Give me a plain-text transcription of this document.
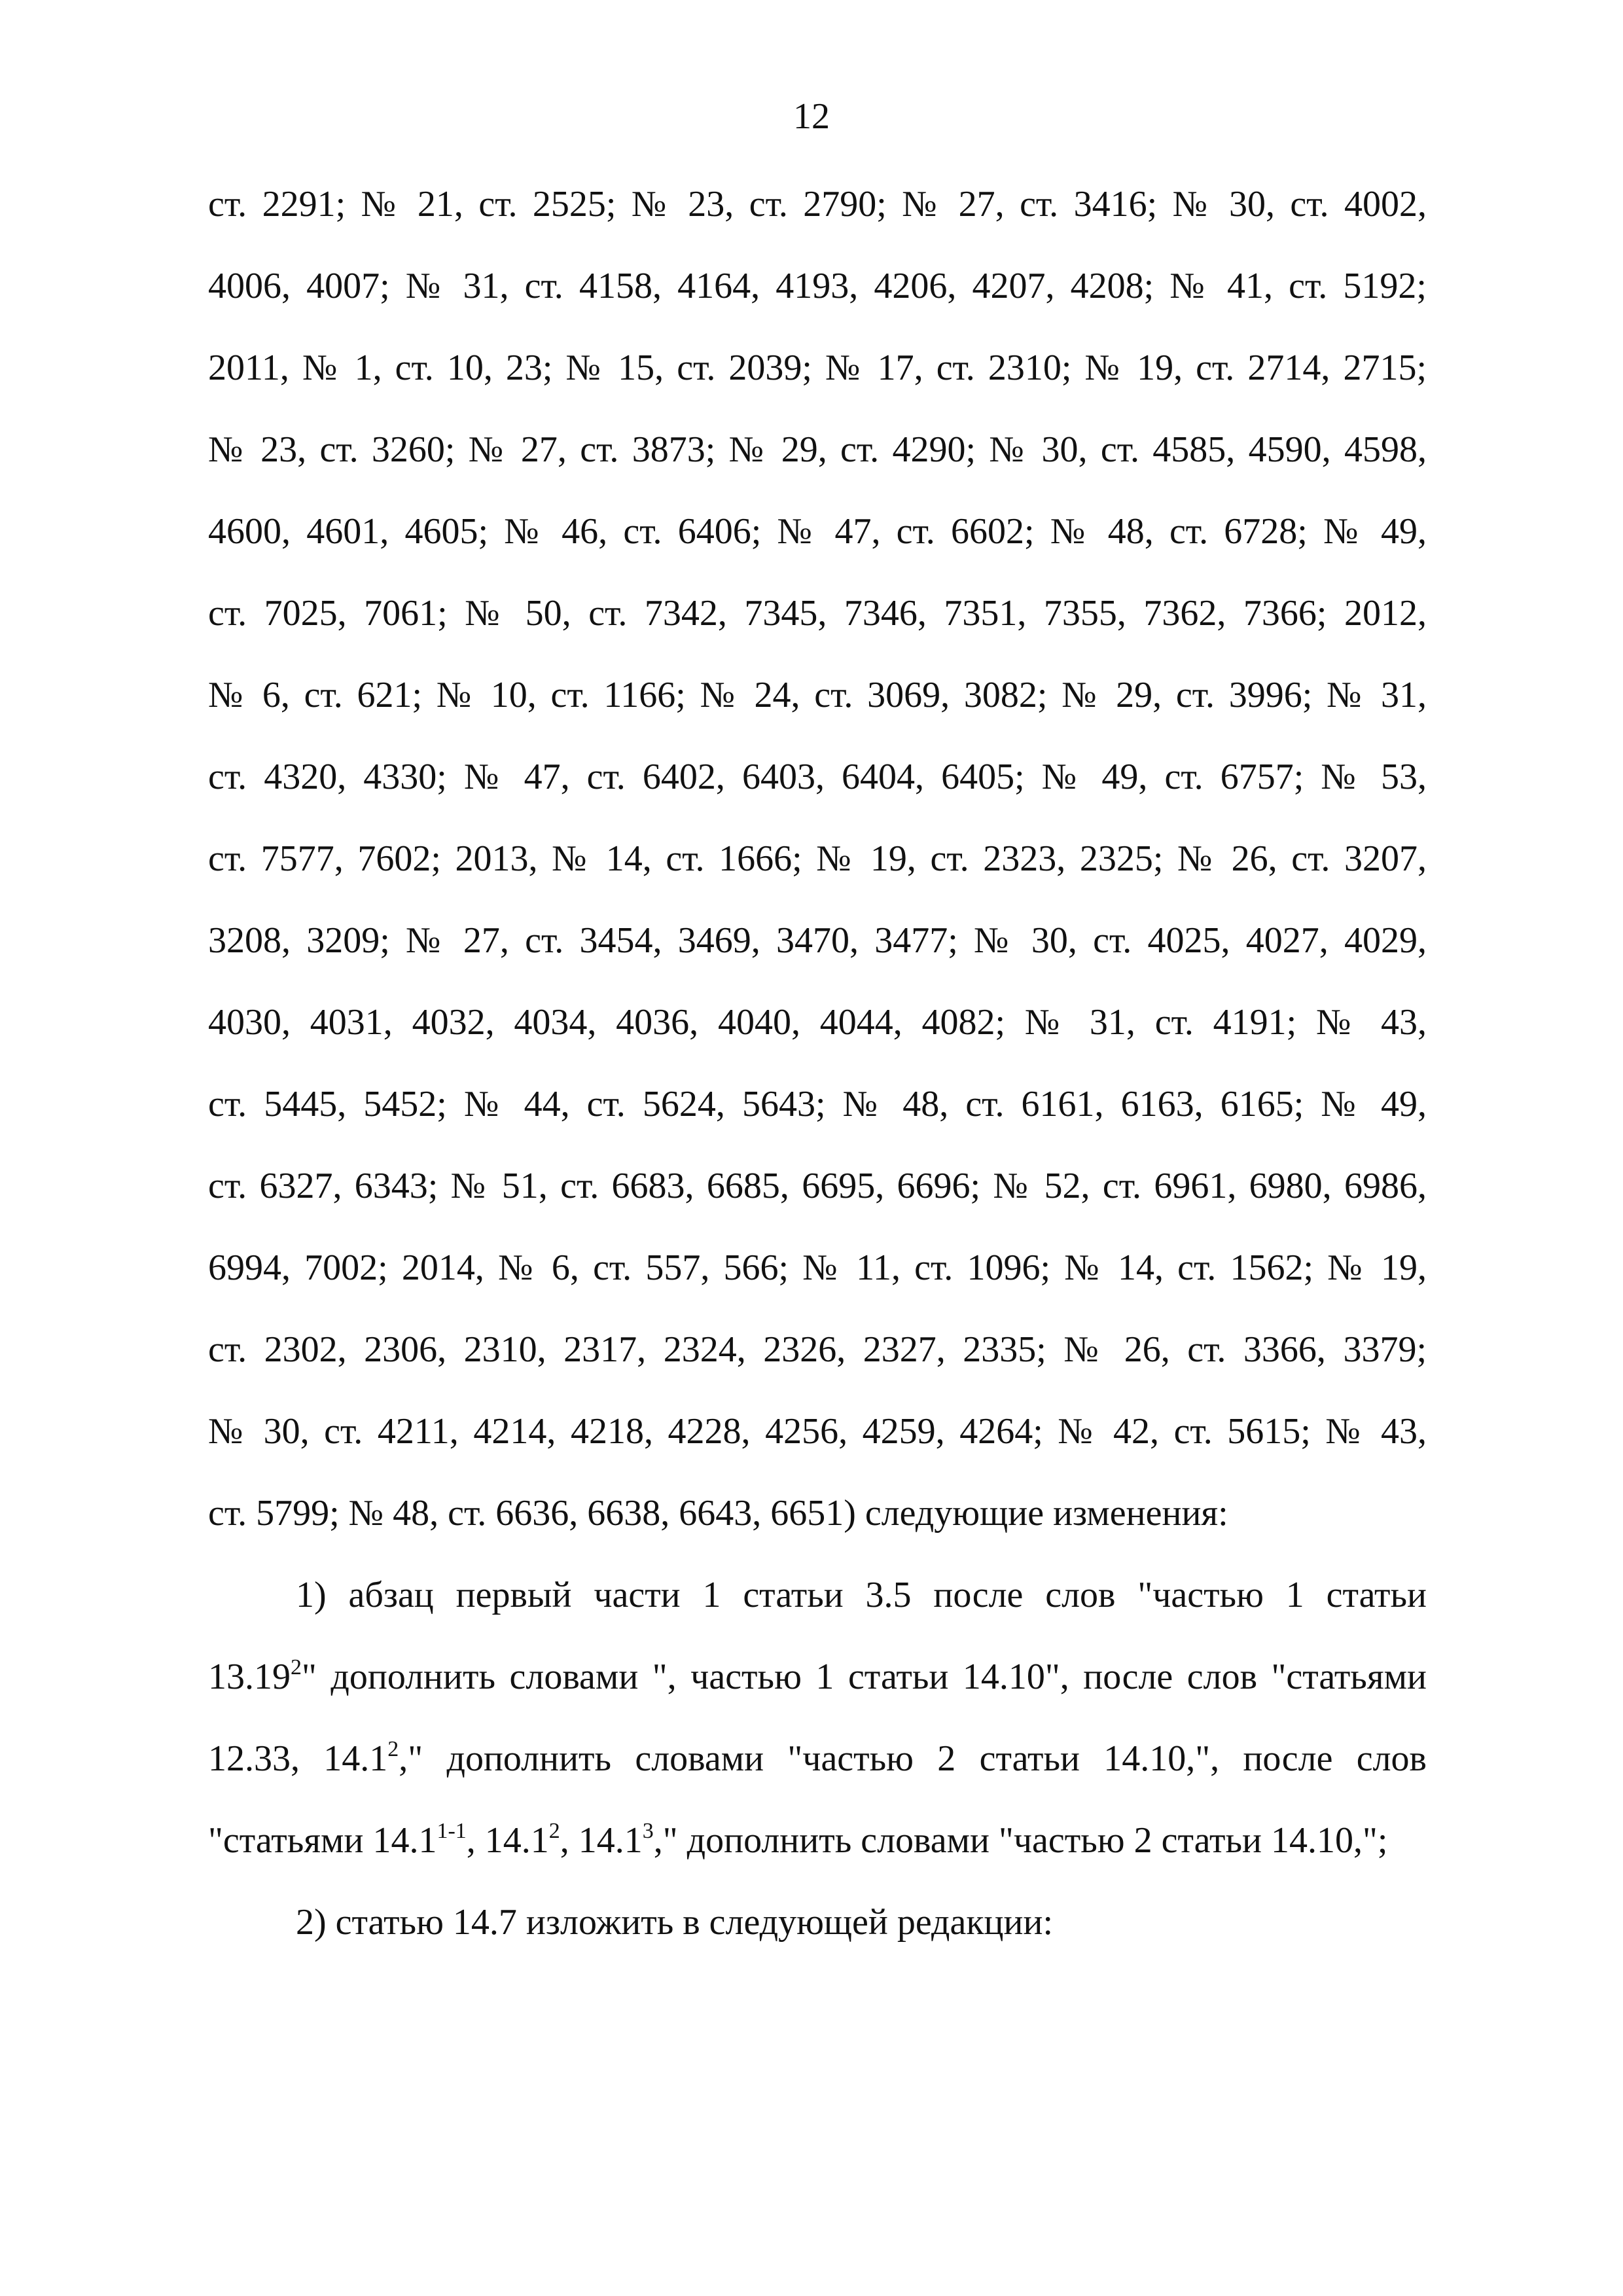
12
ст. 2291; № 21, ст. 2525; № 23, ст. 2790; № 27, ст. 3416; № 30, ст. 4002,
4006, 4007; № 31, ст. 4158, 4164, 4193, 4206, 4207, 4208; № 41, ст. 5192;
2011, № 1, ст. 10, 23; № 15, ст. 2039; № 17, ст. 2310; № 19, ст. 2714, 2715;
№ 23, ст. 3260; № 27, ст. 3873; № 29, ст. 4290; № 30, ст. 4585, 4590, 4598,
4600, 4601, 4605; № 46, ст. 6406; № 47, ст. 6602; № 48, ст. 6728; № 49,
ст. 7025, 7061; № 50, ст. 7342, 7345, 7346, 7351, 7355, 7362, 7366; 2012,
№ 6, ст. 621; № 10, ст. 1166; № 24, ст. 3069, 3082; № 29, ст. 3996; № 31,
ст. 4320, 4330; № 47, ст. 6402, 6403, 6404, 6405; № 49, ст. 6757; № 53,
ст. 7577, 7602; 2013, № 14, ст. 1666; № 19, ст. 2323, 2325; № 26, ст. 3207,
3208, 3209; № 27, ст. 3454, 3469, 3470, 3477; № 30, ст. 4025, 4027, 4029,
4030, 4031, 4032, 4034, 4036, 4040, 4044, 4082; № 31, ст. 4191; № 43,
ст. 5445, 5452; № 44, ст. 5624, 5643; № 48, ст. 6161, 6163, 6165; № 49,
ст. 6327, 6343; № 51, ст. 6683, 6685, 6695, 6696; № 52, ст. 6961, 6980, 6986,
6994, 7002; 2014, № 6, ст. 557, 566; № 11, ст. 1096; № 14, ст. 1562; № 19,
ст. 2302, 2306, 2310, 2317, 2324, 2326, 2327, 2335; № 26, ст. 3366, 3379;
№ 30, ст. 4211, 4214, 4218, 4228, 4256, 4259, 4264; № 42, ст. 5615; № 43,
ст. 5799; № 48, ст. 6636, 6638, 6643, 6651) следующие изменения:
1) абзац первый части 1 статьи 3.5 после слов "частью 1 статьи
13.19$^2$" дополнить словами ", частью 1 статьи 14.10", после слов "статьями
12.33, 14.1$^2$," дополнить словами "частью 2 статьи 14.10,", после слов
"статьями 14.1$^{1-1}$, 14.1$^2$, 14.1$^3$," дополнить словами "частью 2 статьи 14.10,";
2) статью 14.7 изложить в следующей редакции:
